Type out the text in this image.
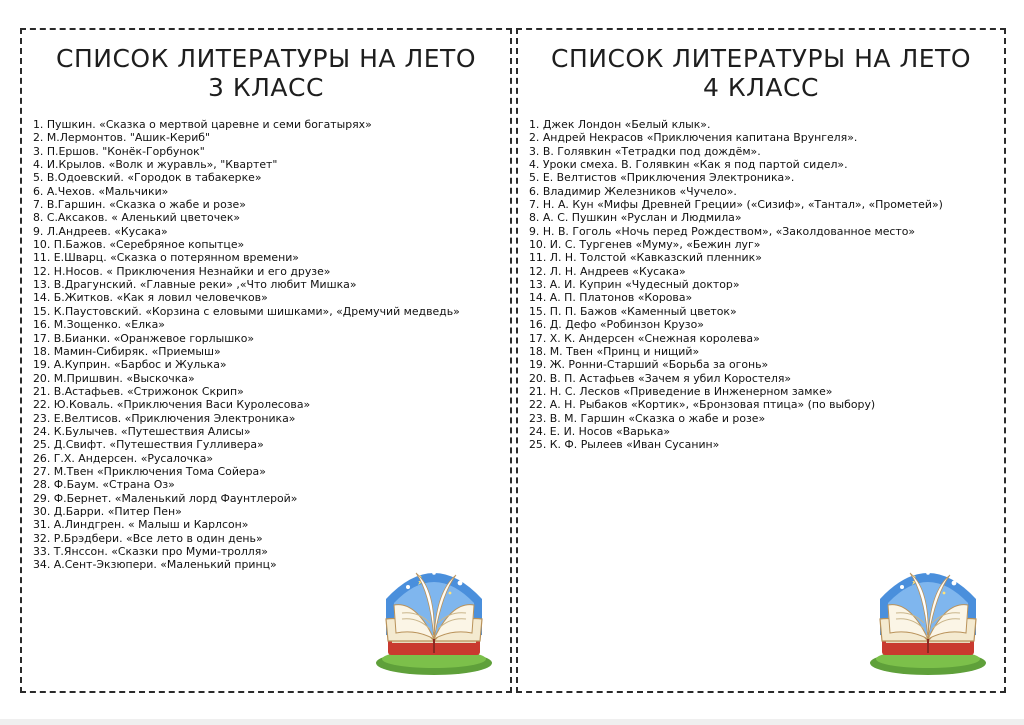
СПИСОК ЛИТЕРАТУРЫ НА ЛЕТО
3 КЛАСС
1. Пушкин. «Сказка о мертвой царевне и семи богатырях»
2. М.Лермонтов. "Ашик-Кериб"
3. П.Ершов. "Конёк-Горбунок"
4. И.Крылов. «Волк и журавль», "Квартет"
5. В.Одоевский. «Городок в табакерке»
6. А.Чехов. «Мальчики»
7. В.Гаршин. «Сказка о жабе и розе»
8. С.Аксаков. « Аленький цветочек»
9. Л.Андреев. «Кусака»
10. П.Бажов. «Серебряное копытце»
11. Е.Шварц. «Сказка о потерянном времени»
12. Н.Носов. « Приключения Незнайки и его друзе»
13. В.Драгунский. «Главные реки» ,«Что любит Мишка»
14. Б.Житков. «Как я ловил человечков»
15. К.Паустовский. «Корзина с еловыми шишками», «Дремучий медведь»
16. М.Зощенко. «Елка»
17. В.Бианки. «Оранжевое горлышко»
18. Мамин-Сибиряк. «Приемыш»
19. А.Куприн. «Барбос и Жулька»
20. М.Пришвин. «Выскочка»
21. В.Астафьев. «Стрижонок Скрип»
22. Ю.Коваль. «Приключения Васи Куролесова»
23. Е.Велтисов. «Приключения Электроника»
24. К.Булычев. «Путешествия Алисы»
25. Д.Свифт. «Путешествия Гулливера»
26. Г.Х. Андерсен. «Русалочка»
27. М.Твен «Приключения Тома Сойера»
28. Ф.Баум. «Страна Оз»
29. Ф.Бернет. «Маленький лорд Фаунтлерой»
30. Д.Барри. «Питер Пен»
31. А.Линдгрен. « Малыш и Карлсон»
32. Р.Брэдбери. «Все лето в один день»
33. Т.Янссон. «Сказки про Муми-тролля»
34. А.Сент-Экзюпери. «Маленький принц»
СПИСОК ЛИТЕРАТУРЫ НА ЛЕТО
4 КЛАСС
1. Джек Лондон «Белый клык».
2. Андрей Некрасов «Приключения капитана Врунгеля».
3. В. Голявкин «Тетрадки под дождём».
4. Уроки смеха. В. Голявкин «Как я под партой сидел».
5. Е. Велтистов «Приключения Электроника».
6. Владимир Железников «Чучело».
7. Н. А. Кун «Мифы Древней Греции» («Сизиф», «Тантал», «Прометей»)
8. А. С. Пушкин «Руслан и Людмила»
9. Н. В. Гоголь «Ночь перед Рождеством», «Заколдованное место»
10. И. С. Тургенев «Муму», «Бежин луг»
11. Л. Н. Толстой «Кавказский пленник»
12. Л. Н. Андреев «Кусака»
13. А. И. Куприн «Чудесный доктор»
14. А. П. Платонов «Корова»
15. П. П. Бажов «Каменный цветок»
16. Д. Дефо «Робинзон Крузо»
17. Х. К. Андерсен «Снежная королева»
18. М. Твен «Принц и нищий»
19. Ж. Ронни-Старший «Борьба за огонь»
20. В. П. Астафьев «Зачем я убил Коростеля»
21. Н. С. Лесков «Приведение в Инженерном замке»
22. А. Н. Рыбаков «Кортик», «Бронзовая птица» (по выбору)
23. В. М. Гаршин «Сказка о жабе и розе»
24. Е. И. Носов «Варька»
25. К. Ф. Рылеев «Иван Сусанин»
